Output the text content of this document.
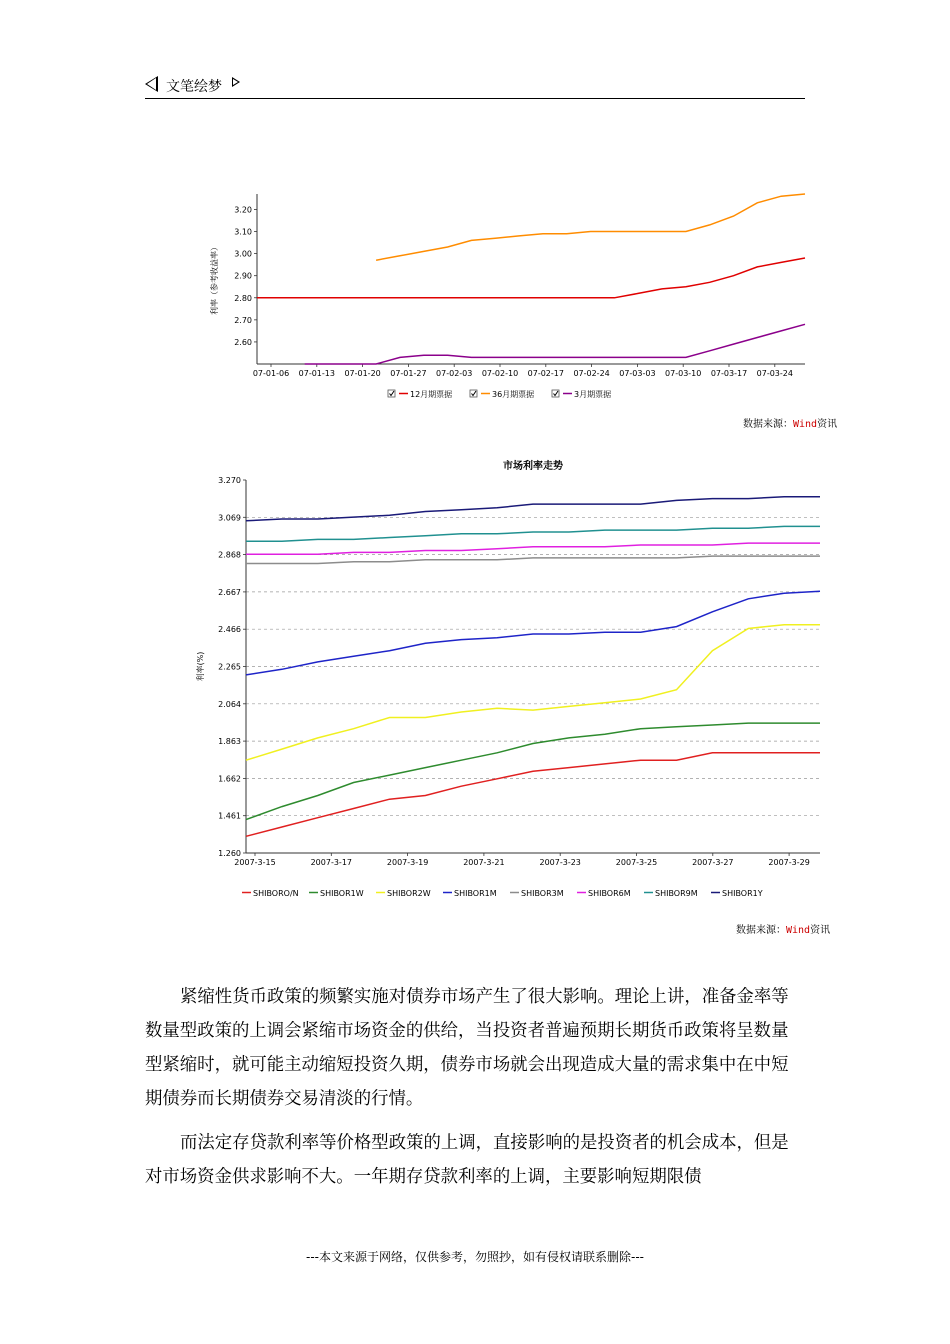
文笔绘梦
利率（参考收益率）
3.20
3.10
3.00
2.90
2.80
2.70
2.60
07-01-06 07-01-13 07-01-20 07-01-27 07-02-03 07-02-10 07-02-17 07-02-24 07-03-03 07-03-10 07-03-17 07-03-24
12月期票据	36月期票据	3月期票据
数据来源：Wind资讯
市场利率走势
利率(%)
3.270
3.069
2.868
2.667
2.466
2.265
2.064
1.863
1.662
1.461
1.260
2007-3-15	2007-3-17	2007-3-19	2007-3-21	2007-3-23	2007-3-25	2007-3-27	2007-3-29
SHIBORO/N	SHIBOR1W	SHIBOR2W	SHIBOR1M	SHIBOR3M	SHIBOR6M	SHIBOR9M	SHIBOR1Y
数据来源：Wind资讯

紧缩性货币政策的频繁实施对债券市场产生了很大影响。理论上讲，准备金率等数量型政策的上调会紧缩市场资金的供给，当投资者普遍预期长期货币政策将呈数量型紧缩时，就可能主动缩短投资久期，债券市场就会出现造成大量的需求集中在中短期债券而长期债券交易清淡的行情。

而法定存贷款利率等价格型政策的上调，直接影响的是投资者的机会成本，但是对市场资金供求影响不大。一年期存贷款利率的上调，主要影响短期限债

---本文来源于网络，仅供参考，勿照抄，如有侵权请联系删除---
